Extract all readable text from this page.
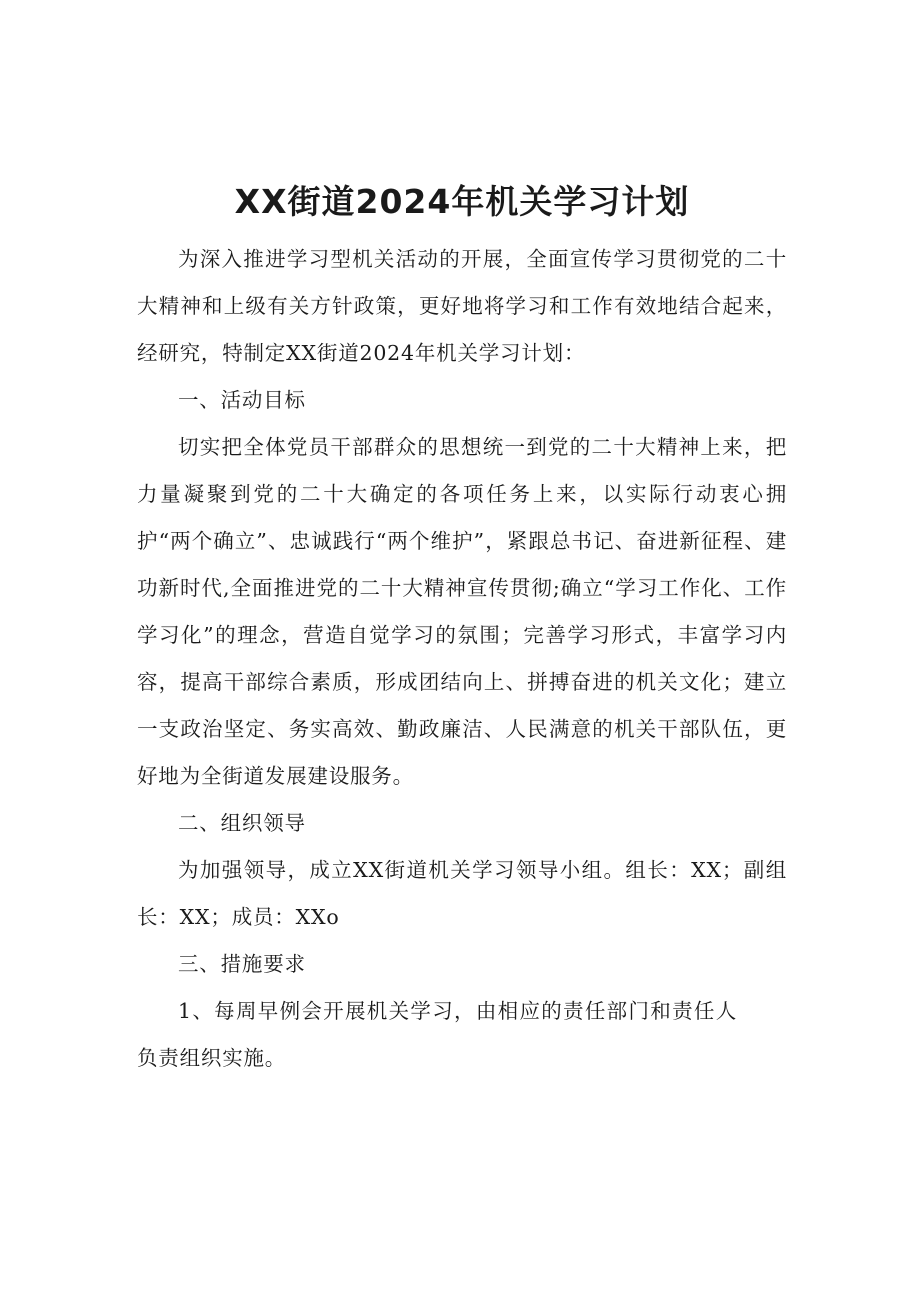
XX街道2024年机关学习计划

为深入推进学习型机关活动的开展，全面宣传学习贯彻党的二十大精神和上级有关方针政策，更好地将学习和工作有效地结合起来，经研究，特制定XX街道2024年机关学习计划：

一、活动目标

切实把全体党员干部群众的思想统一到党的二十大精神上来，把力量凝聚到党的二十大确定的各项任务上来，以实际行动衷心拥护“两个确立”、忠诚践行“两个维护”，紧跟总书记、奋进新征程、建功新时代,全面推进党的二十大精神宣传贯彻;确立“学习工作化、工作学习化”的理念，营造自觉学习的氛围；完善学习形式，丰富学习内容，提高干部综合素质，形成团结向上、拼搏奋进的机关文化；建立一支政治坚定、务实高效、勤政廉洁、人民满意的机关干部队伍，更好地为全街道发展建设服务。

二、组织领导

为加强领导，成立XX街道机关学习领导小组。组长：XX；副组长：XX；成员：XXo

三、措施要求

1、每周早例会开展机关学习，由相应的责任部门和责任人负责组织实施。
